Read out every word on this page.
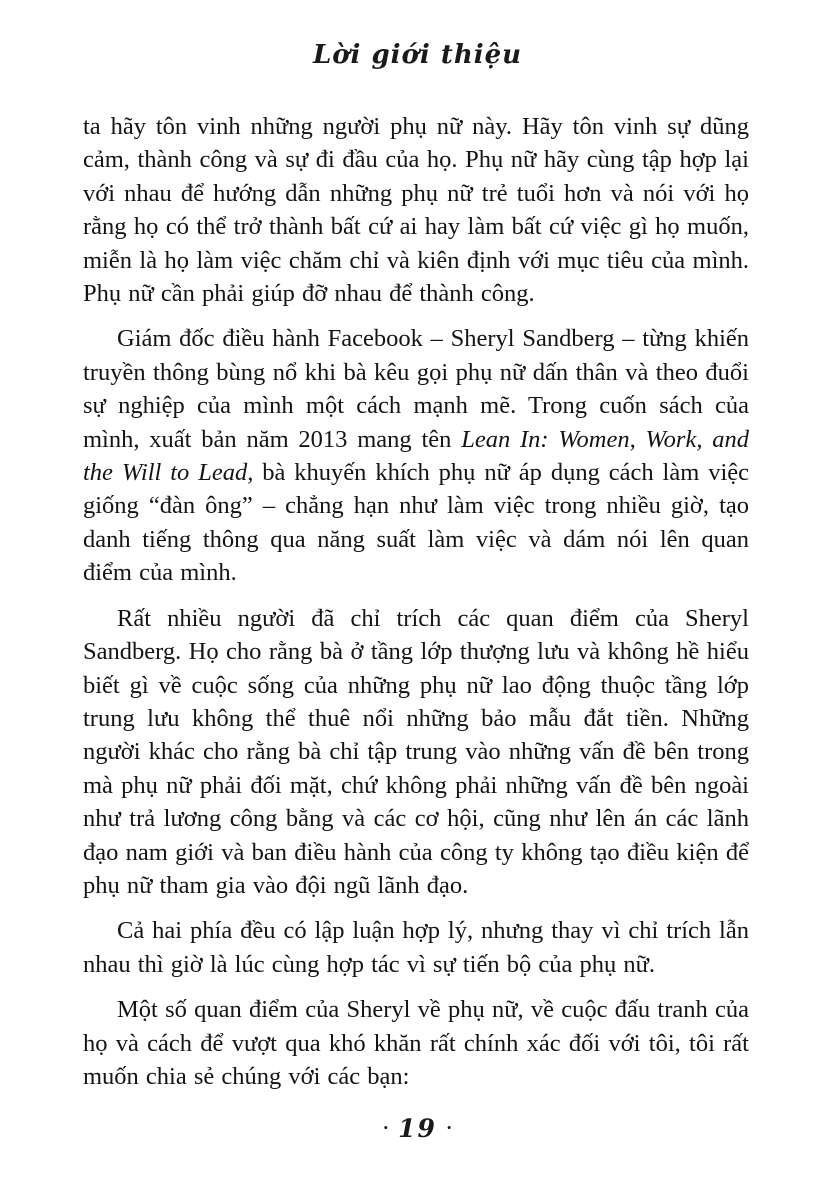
Lời giới thiệu

ta hãy tôn vinh những người phụ nữ này. Hãy tôn vinh sự dũng cảm, thành công và sự đi đầu của họ. Phụ nữ hãy cùng tập hợp lại với nhau để hướng dẫn những phụ nữ trẻ tuổi hơn và nói với họ rằng họ có thể trở thành bất cứ ai hay làm bất cứ việc gì họ muốn, miễn là họ làm việc chăm chỉ và kiên định với mục tiêu của mình. Phụ nữ cần phải giúp đỡ nhau để thành công.

Giám đốc điều hành Facebook – Sheryl Sandberg – từng khiến truyền thông bùng nổ khi bà kêu gọi phụ nữ dấn thân và theo đuổi sự nghiệp của mình một cách mạnh mẽ. Trong cuốn sách của mình, xuất bản năm 2013 mang tên Lean In: Women, Work, and the Will to Lead, bà khuyến khích phụ nữ áp dụng cách làm việc giống “đàn ông” – chẳng hạn như làm việc trong nhiều giờ, tạo danh tiếng thông qua năng suất làm việc và dám nói lên quan điểm của mình.

Rất nhiều người đã chỉ trích các quan điểm của Sheryl Sandberg. Họ cho rằng bà ở tầng lớp thượng lưu và không hề hiểu biết gì về cuộc sống của những phụ nữ lao động thuộc tầng lớp trung lưu không thể thuê nổi những bảo mẫu đắt tiền. Những người khác cho rằng bà chỉ tập trung vào những vấn đề bên trong mà phụ nữ phải đối mặt, chứ không phải những vấn đề bên ngoài như trả lương công bằng và các cơ hội, cũng như lên án các lãnh đạo nam giới và ban điều hành của công ty không tạo điều kiện để phụ nữ tham gia vào đội ngũ lãnh đạo.

Cả hai phía đều có lập luận hợp lý, nhưng thay vì chỉ trích lẫn nhau thì giờ là lúc cùng hợp tác vì sự tiến bộ của phụ nữ.

Một số quan điểm của Sheryl về phụ nữ, về cuộc đấu tranh của họ và cách để vượt qua khó khăn rất chính xác đối với tôi, tôi rất muốn chia sẻ chúng với các bạn:

• 19 •
